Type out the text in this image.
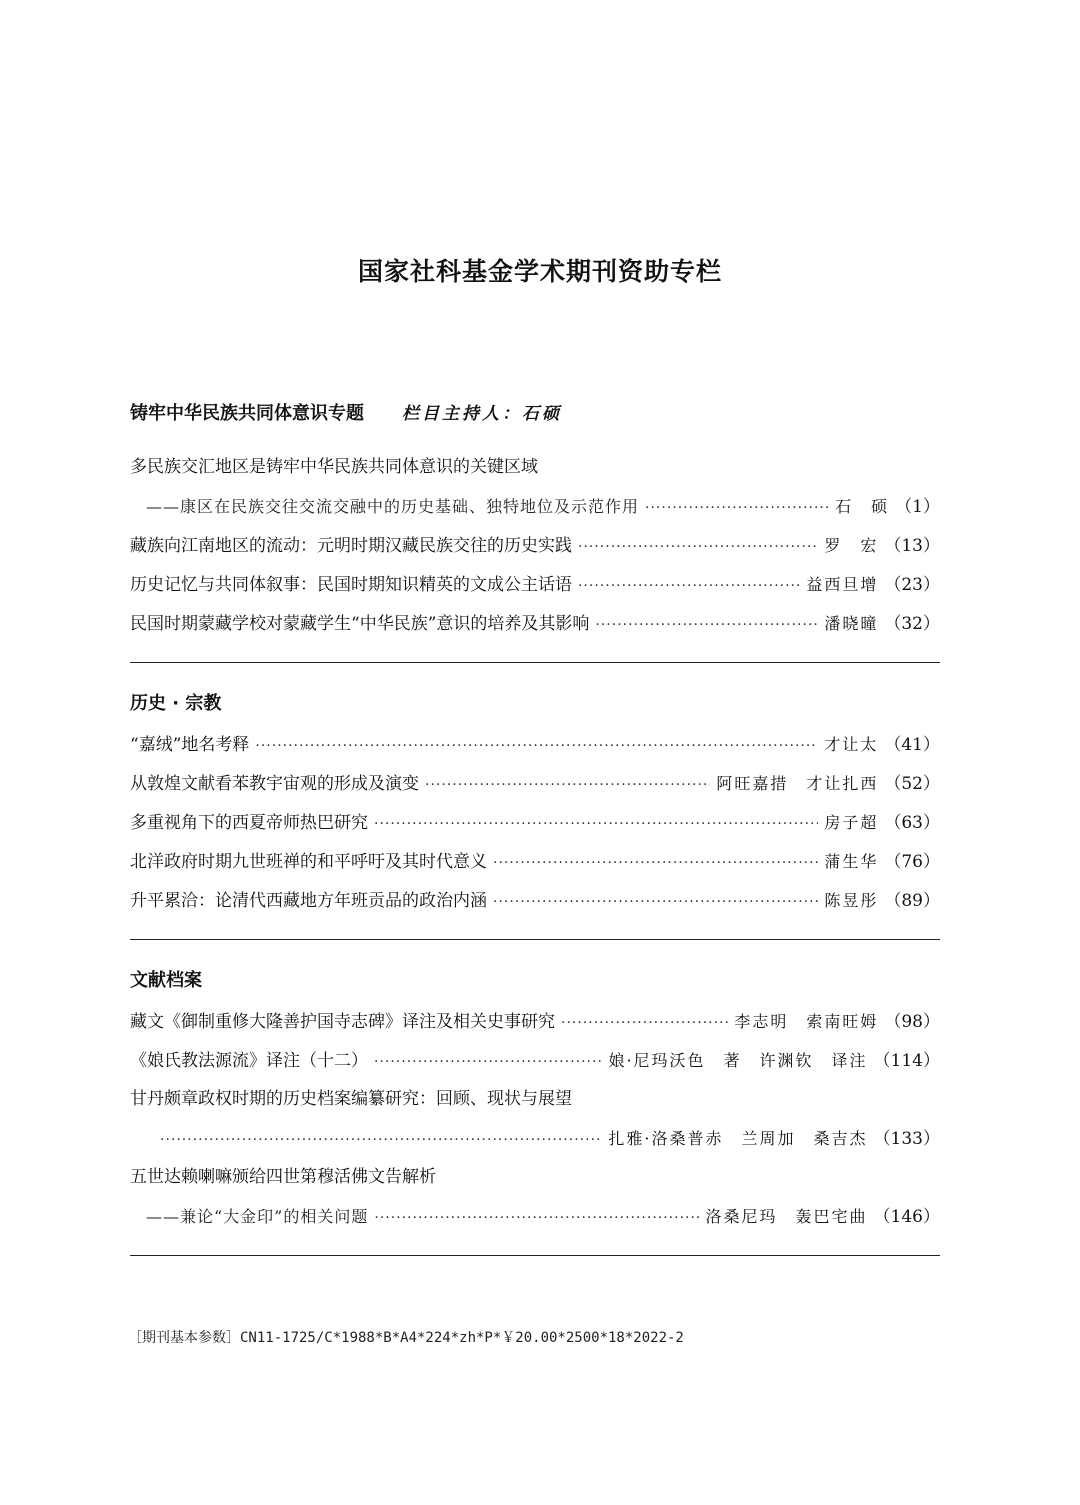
国家社科基金学术期刊资助专栏
铸牢中华民族共同体意识专题 栏目主持人：石硕
多民族交汇地区是铸牢中华民族共同体意识的关键区域
——康区在民族交往交流交融中的历史基础、独特地位及示范作用 ·····	石　硕 （1）
藏族向江南地区的流动：元明时期汉藏民族交往的历史实践 ·····	罗　宏 （13）
历史记忆与共同体叙事：民国时期知识精英的文成公主话语 ·····	益西旦增 （23）
民国时期蒙藏学校对蒙藏学生“中华民族”意识的培养及其影响 ·····	潘晓曈 （32）
历史 · 宗教
“嘉绒”地名考释 ·····	才让太 （41）
从敦煌文献看苯教宇宙观的形成及演变 ·····	阿旺嘉措 才让扎西 （52）
多重视角下的西夏帝师热巴研究 ·····	房子超 （63）
北洋政府时期九世班禅的和平呼吁及其时代意义 ·····	蒲生华 （76）
升平累洽：论清代西藏地方年班贡品的政治内涵 ·····	陈昱彤 （89）
文献档案
藏文《御制重修大隆善护国寺志碑》译注及相关史事研究 ·····	李志明 索南旺姆 （98）
《娘氏教法源流》译注（十二） ·····	娘·尼玛沃色　著 许渊钦　译注 （114）
甘丹颇章政权时期的历史档案编纂研究：回顾、现状与展望
·····
扎雅·洛桑普赤 兰周加 桑吉杰 （133）
五世达赖喇嘛颁给四世第穆活佛文告解析
——兼论“大金印”的相关问题 ·····	洛桑尼玛 轰巴宅曲 （146）
［期刊基本参数］CN11-1725/C*1988*B*A4*224*zh*P*￥20.00*2500*18*2022-2
